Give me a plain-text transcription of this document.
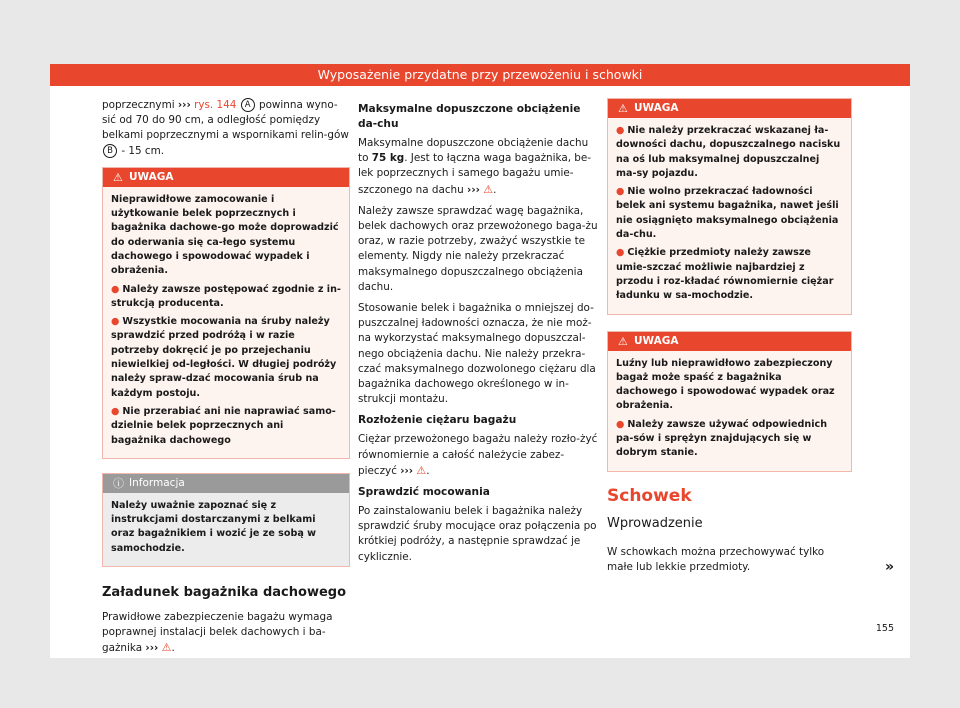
Wyposażenie przydatne przy przewożeniu i schowki

poprzecznymi ››› rys. 144 A powinna wyno-sić od 70 do 90 cm, a odległość pomiędzy belkami poprzecznymi a wspornikami relin-gów B - 15 cm.

⚠ UWAGA

Nieprawidłowe zamocowanie i użytkowanie belek poprzecznych i bagażnika dachowe-go może doprowadzić do oderwania się ca-łego systemu dachowego i spowodować wypadek i obrażenia.

● Należy zawsze postępować zgodnie z in-strukcją producenta.

● Wszystkie mocowania na śruby należy sprawdzić przed podróżą i w razie potrzeby dokręcić je po przejechaniu niewielkiej od-ległości. W długiej podróży należy spraw-dzać mocowania śrub na każdym postoju.

● Nie przerabiać ani nie naprawiać samo-dzielnie belek poprzecznych ani bagażnika dachowego

ⓘ Informacja

Należy uważnie zapoznać się z instrukcjami dostarczanymi z belkami oraz bagażnikiem i wozić je ze sobą w samochodzie.

Załadunek bagażnika dachowego

Prawidłowe zabezpieczenie bagażu wymaga poprawnej instalacji belek dachowych i ba-gażnika ››› ⚠.

Maksymalne dopuszczone obciążenie da-chu

Maksymalne dopuszczone obciążenie dachu to 75 kg. Jest to łączna waga bagażnika, be-lek poprzecznych i samego bagażu umie-szczonego na dachu ››› ⚠.

Należy zawsze sprawdzać wagę bagażnika, belek dachowych oraz przewożonego baga-żu oraz, w razie potrzeby, zważyć wszystkie te elementy. Nigdy nie należy przekraczać maksymalnego dopuszczalnego obciążenia dachu.

Stosowanie belek i bagażnika o mniejszej do-puszczalnej ładowności oznacza, że nie moż-na wykorzystać maksymalnego dopuszczal-nego obciążenia dachu. Nie należy przekra-czać maksymalnego dozwolonego ciężaru dla bagażnika dachowego określonego w in-strukcji montażu.

Rozłożenie ciężaru bagażu

Ciężar przewożonego bagażu należy rozło-żyć równomiernie a całość należycie zabez-pieczyć ››› ⚠.

Sprawdzić mocowania

Po zainstalowaniu belek i bagażnika należy sprawdzić śruby mocujące oraz połączenia po krótkiej podróży, a następnie sprawdzać je cyklicznie.

⚠ UWAGA

● Nie należy przekraczać wskazanej ła-downości dachu, dopuszczalnego nacisku na oś lub maksymalnej dopuszczalnej ma-sy pojazdu.

● Nie wolno przekraczać ładowności belek ani systemu bagażnika, nawet jeśli nie osiągnięto maksymalnego obciążenia da-chu.

● Ciężkie przedmioty należy zawsze umie-szczać możliwie najbardziej z przodu i roz-kładać równomiernie ciężar ładunku w sa-mochodzie.

⚠ UWAGA

Luźny lub nieprawidłowo zabezpieczony bagaż może spaść z bagażnika dachowego i spowodować wypadek oraz obrażenia.

● Należy zawsze używać odpowiednich pa-sów i sprężyn znajdujących się w dobrym stanie.

Schowek
Wprowadzenie

W schowkach można przechowywać tylko małe lub lekkie przedmioty.	»
155
